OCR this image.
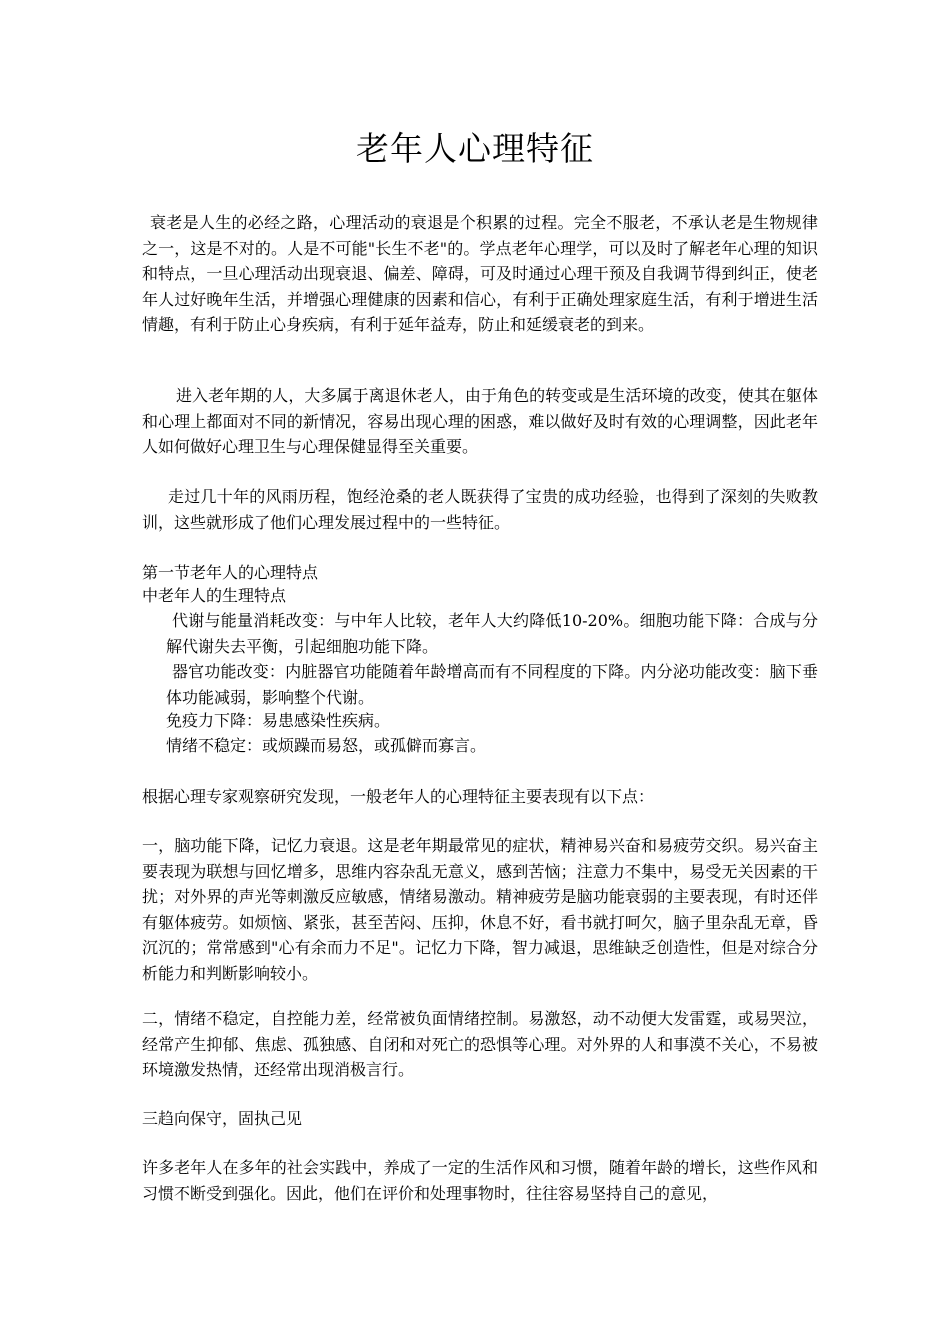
老年人心理特征

衰老是人生的必经之路，心理活动的衰退是个积累的过程。完全不服老，不承认老是生物规律之一，这是不对的。人是不可能"长生不老"的。学点老年心理学，可以及时了解老年心理的知识和特点，一旦心理活动出现衰退、偏差、障碍，可及时通过心理干预及自我调节得到纠正，使老年人过好晚年生活，并增强心理健康的因素和信心，有利于正确处理家庭生活，有利于增进生活情趣，有利于防止心身疾病，有利于延年益寿，防止和延缓衰老的到来。

进入老年期的人，大多属于离退休老人，由于角色的转变或是生活环境的改变，使其在躯体和心理上都面对不同的新情况，容易出现心理的困惑，难以做好及时有效的心理调整，因此老年人如何做好心理卫生与心理保健显得至关重要。

走过几十年的风雨历程，饱经沧桑的老人既获得了宝贵的成功经验，也得到了深刻的失败教训，这些就形成了他们心理发展过程中的一些特征。

第一节老年人的心理特点

中老年人的生理特点

代谢与能量消耗改变：与中年人比较，老年人大约降低10-20%。细胞功能下降：合成与分解代谢失去平衡，引起细胞功能下降。

器官功能改变：内脏器官功能随着年龄增高而有不同程度的下降。内分泌功能改变：脑下垂体功能减弱，影响整个代谢。

免疫力下降：易患感染性疾病。

情绪不稳定：或烦躁而易怒，或孤僻而寡言。

根据心理专家观察研究发现，一般老年人的心理特征主要表现有以下点：

一，脑功能下降，记忆力衰退。这是老年期最常见的症状，精神易兴奋和易疲劳交织。易兴奋主要表现为联想与回忆增多，思维内容杂乱无意义，感到苦恼；注意力不集中，易受无关因素的干扰；对外界的声光等刺激反应敏感，情绪易激动。精神疲劳是脑功能衰弱的主要表现，有时还伴有躯体疲劳。如烦恼、紧张，甚至苦闷、压抑，休息不好，看书就打呵欠，脑子里杂乱无章，昏沉沉的；常常感到"心有余而力不足"。记忆力下降，智力减退，思维缺乏创造性，但是对综合分析能力和判断影响较小。

二，情绪不稳定，自控能力差，经常被负面情绪控制。易激怒，动不动便大发雷霆，或易哭泣，经常产生抑郁、焦虑、孤独感、自闭和对死亡的恐惧等心理。对外界的人和事漠不关心，不易被环境激发热情，还经常出现消极言行。

三趋向保守，固执己见

许多老年人在多年的社会实践中，养成了一定的生活作风和习惯，随着年龄的增长，这些作风和习惯不断受到强化。因此，他们在评价和处理事物时，往往容易坚持自己的意见，
